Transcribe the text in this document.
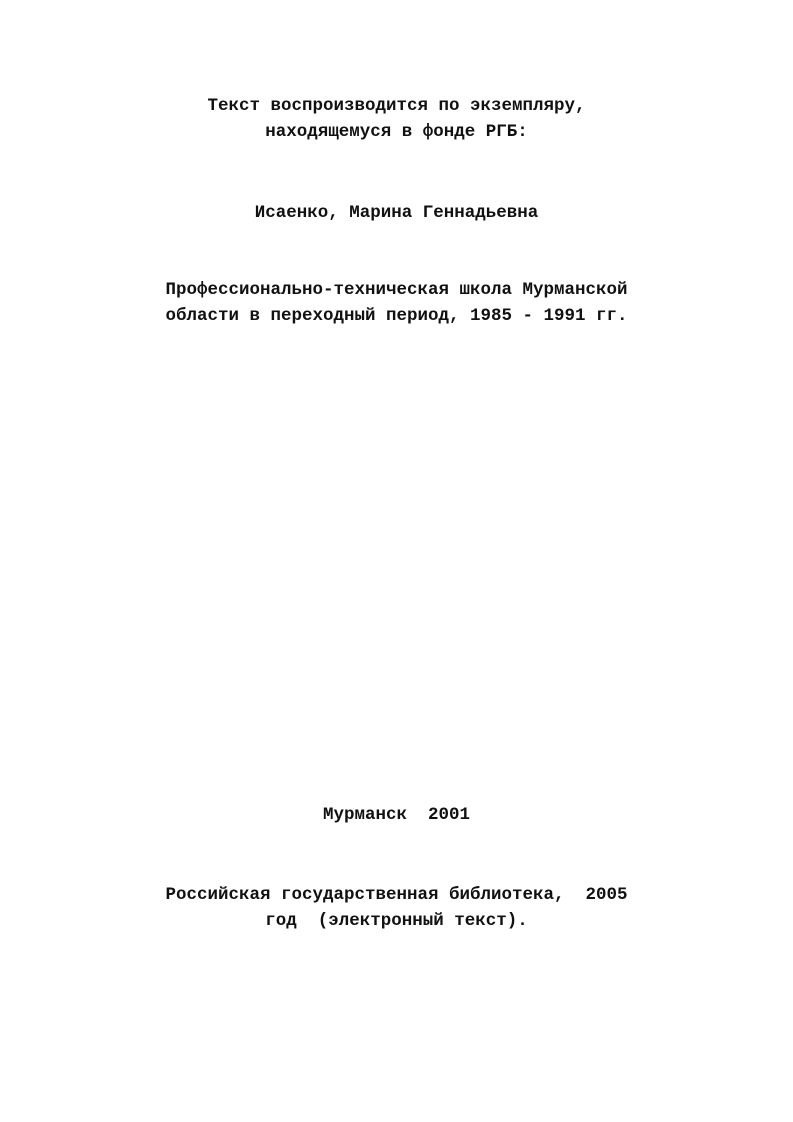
Текст воспроизводится по экземпляру,
находящемуся в фонде РГБ:
Исаенко, Марина Геннадьевна
Профессионально-техническая школа Мурманской
области в переходный период, 1985 - 1991 гг.
Мурманск  2001
Российская государственная библиотека,  2005
год  (электронный текст).
